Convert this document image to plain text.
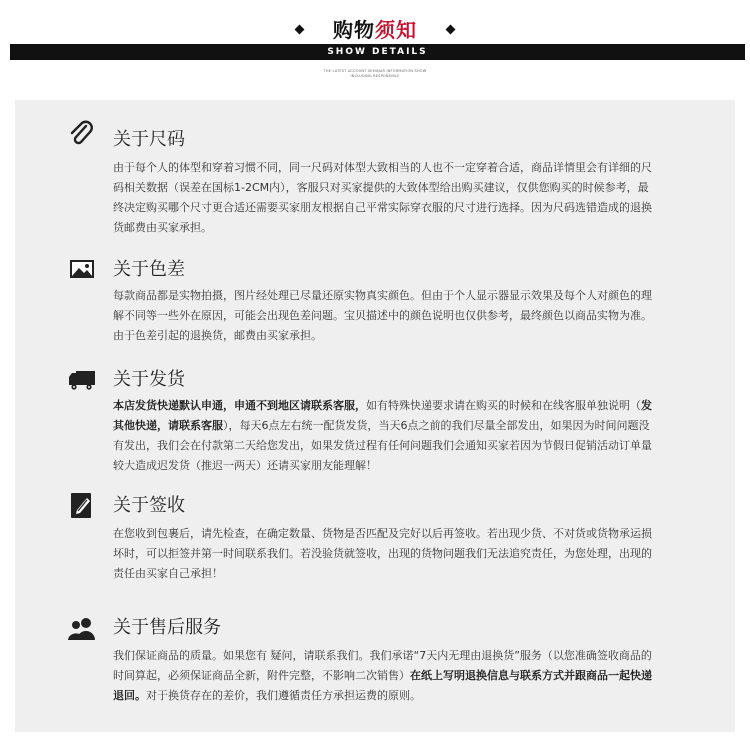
购物须知
SHOW DETAILS
THE LATEST ACCOUNT SEMINAR INFORMATION SHOW
INCLUDING RESPONSIBLE
关于尺码
由于每个人的体型和穿着习惯不同，同一尺码对体型大致相当的人也不一定穿着合适，商品详情里会有详细的尺码相关数据（误差在国标1-2CM内），客服只对买家提供的大致体型给出购买建议，仅供您购买的时候参考，最终决定购买哪个尺寸更合适还需要买家朋友根据自己平常实际穿衣服的尺寸进行选择。因为尺码选错造成的退换货邮费由买家承担。
关于色差
每款商品都是实物拍摄，图片经处理已尽量还原实物真实颜色。但由于个人显示器显示效果及每个人对颜色的理解不同等一些外在原因，可能会出现色差问题。宝贝描述中的颜色说明也仅供参考，最终颜色以商品实物为准。由于色差引起的退换货，邮费由买家承担。
关于发货
本店发货快递默认申通，申通不到地区请联系客服，如有特殊快递要求请在购买的时候和在线客服单独说明（发其他快递，请联系客服），每天6点左右统一配货发货，当天6点之前的我们尽量全部发出，如果因为时间问题没有发出，我们会在付款第二天给您发出，如果发货过程有任何问题我们会通知买家若因为节假日促销活动订单量较大造成迟发货（推迟一两天）还请买家朋友能理解！
关于签收
在您收到包裹后，请先检查，在确定数量、货物是否匹配及完好以后再签收。若出现少货、不对货或货物承运损坏时，可以拒签并第一时间联系我们。若没验货就签收，出现的货物问题我们无法追究责任，为您处理，出现的责任由买家自己承担！
关于售后服务
我们保证商品的质量。如果您有 疑问，请联系我们。我们承诺“7天内无理由退换货”服务（以您准确签收商品的时间算起，必须保证商品全新，附件完整，不影响二次销售）在纸上写明退换信息与联系方式并跟商品一起快递退回。对于换货存在的差价，我们遵循责任方承担运费的原则。
